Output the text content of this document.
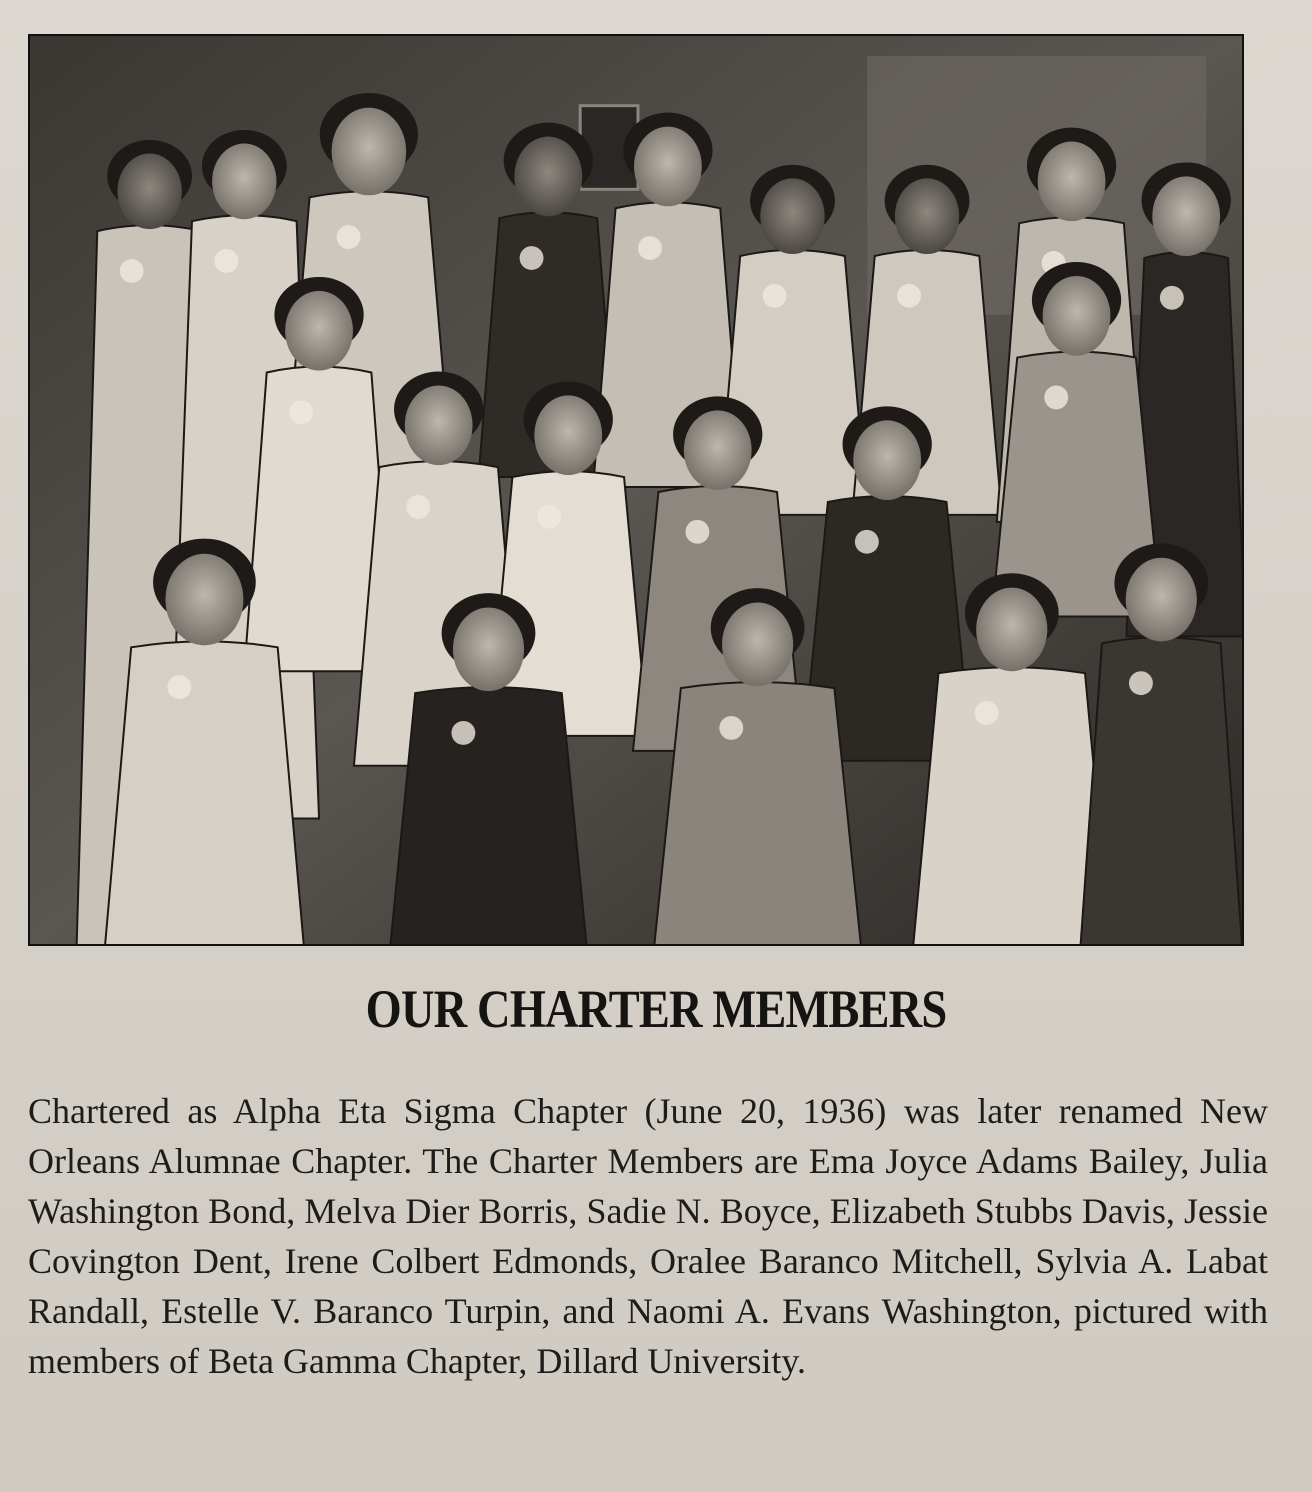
OUR CHARTER MEMBERS
Chartered as Alpha Eta Sigma Chapter (June 20, 1936) was later renamed New
Orleans Alumnae Chapter. The Charter Members are Ema Joyce Adams Bailey, Julia
Washington Bond, Melva Dier Borris, Sadie N. Boyce, Elizabeth Stubbs Davis, Jessie
Covington Dent, Irene Colbert Edmonds, Oralee Baranco Mitchell, Sylvia A. Labat
Randall, Estelle V. Baranco Turpin, and Naomi A. Evans Washington, pictured with
members of Beta Gamma Chapter, Dillard University.
